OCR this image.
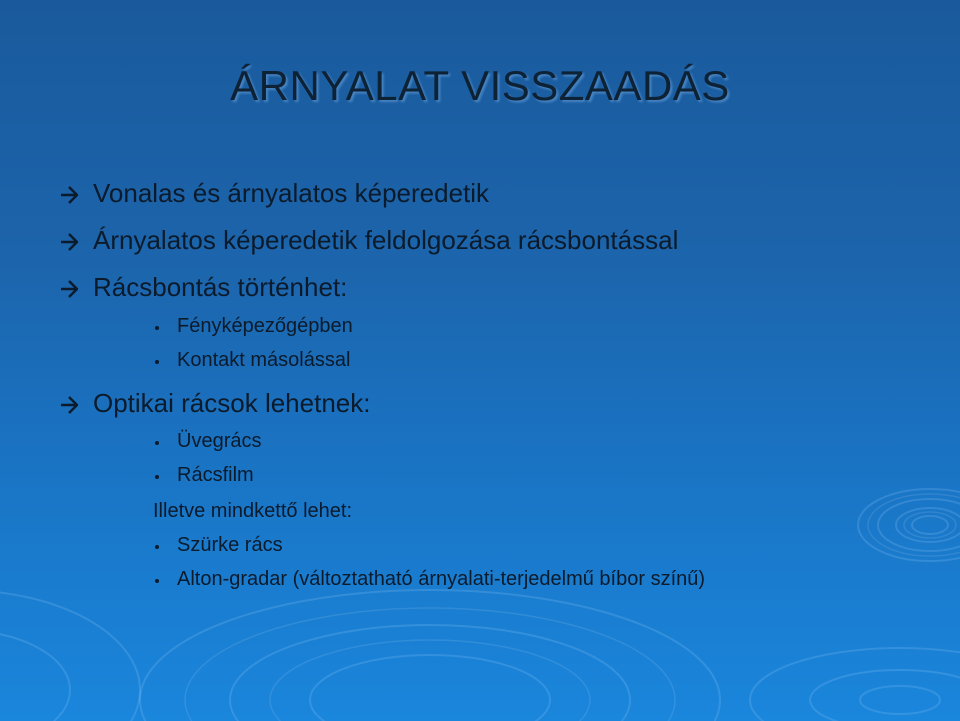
ÁRNYALAT VISSZAADÁS
Vonalas és árnyalatos képeredetik
Árnyalatos képeredetik feldolgozása rácsbontással
Rácsbontás történhet:
Fényképezőgépben
Kontakt másolással
Optikai rácsok lehetnek:
Üvegrács
Rácsfilm
Illetve mindkettő lehet:
Szürke rács
Alton-gradar (változtatható árnyalati-terjedelmű bíbor színű)
